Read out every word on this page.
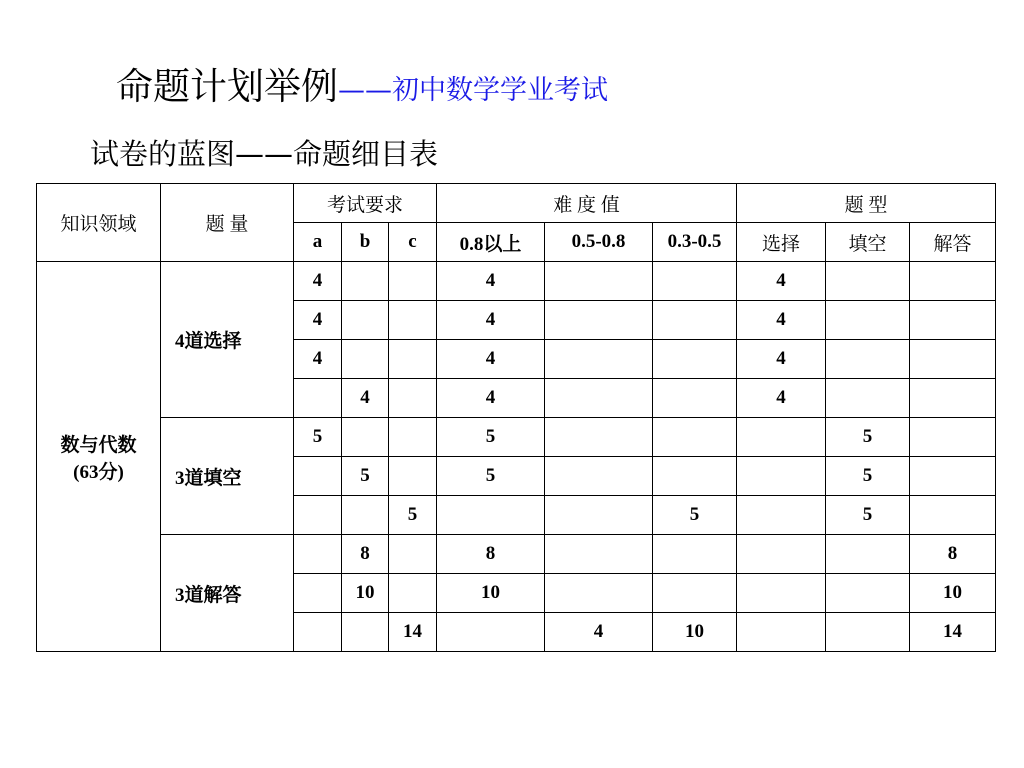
命题计划举例——初中数学学业考试
试卷的蓝图——命题细目表
知识领域	题 量	考试要求			难 度 值			题 型		
		a	b	c	0.8以上	0.5-0.8	0.3-0.5	选择	填空	解答

数与代数
(63分)	4道选择	4			4			4		
		4			4			4		
		4			4			4		
			4		4			4		
	3道填空	5			5				5	
			5		5				5	
				5			5		5	
	3道解答		8		8					8
			10		10					10
				14		4	10			14
